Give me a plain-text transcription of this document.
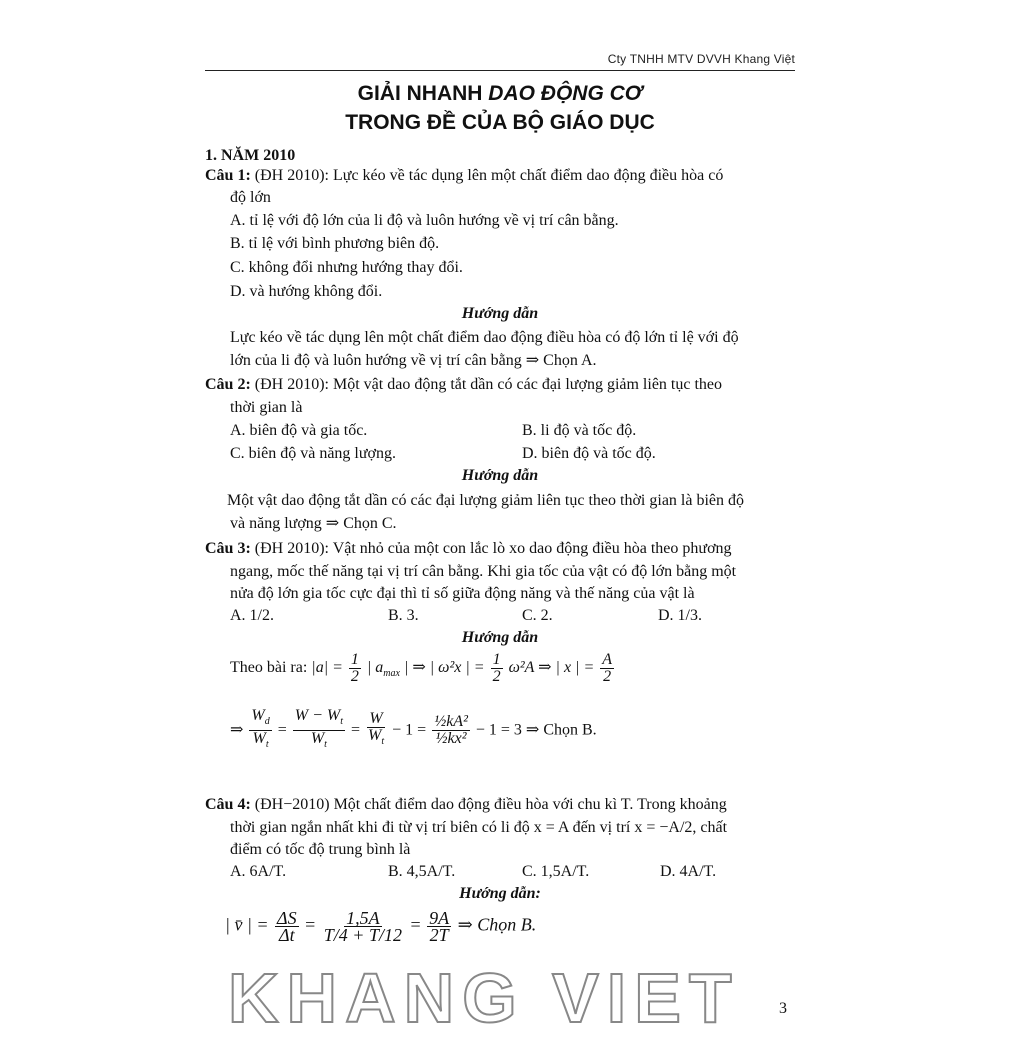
Cty TNHH MTV DVVH Khang Việt
GIẢI NHANH DAO ĐỘNG CƠ
TRONG ĐỀ CỦA BỘ GIÁO DỤC
1. NĂM 2010
Câu 1: (ĐH 2010): Lực kéo về tác dụng lên một chất điểm dao động điều hòa có
độ lớn
A. tỉ lệ với độ lớn của li độ và luôn hướng về vị trí cân bằng.
B. tỉ lệ với bình phương biên độ.
C. không đổi nhưng hướng thay đổi.
D. và hướng không đổi.
Hướng dẫn
Lực kéo về tác dụng lên một chất điểm dao động điều hòa có độ lớn tỉ lệ với độ
lớn của li độ và luôn hướng về vị trí cân bằng ⇒ Chọn A.
Câu 2: (ĐH 2010): Một vật dao động tắt dần có các đại lượng giảm liên tục theo
thời gian là
A. biên độ và gia tốc.	B. li độ và tốc độ.
C. biên độ và năng lượng.	D. biên độ và tốc độ.
Hướng dẫn
Một vật dao động tắt dần có các đại lượng giảm liên tục theo thời gian là biên độ
và năng lượng ⇒ Chọn C.
Câu 3: (ĐH 2010): Vật nhỏ của một con lắc lò xo dao động điều hòa theo phương
ngang, mốc thế năng tại vị trí cân bằng. Khi gia tốc của vật có độ lớn bằng một
nửa độ lớn gia tốc cực đại thì tỉ số giữa động năng và thế năng của vật là
A. 1/2.	B. 3.	C. 2.	D. 1/3.
Hướng dẫn
Theo bài ra: $|a| = \frac{1}{2}$ | $a_{max}$ | ⇒ | ω²x | = $\frac{1}{2} \omega^2A$ ⇒ | x | = $\frac{A}{2}$
⇒ $\frac{W_d}{W_t} = \frac{W - W_t}{W_t} = \frac{W}{W_t} - 1 = \frac{\text{½kA²}}{\text{½kx²}} - 1 = 3$ ⇒ Chọn B.
Câu 4: (ĐH−2010) Một chất điểm dao động điều hòa với chu kì T. Trong khoảng
thời gian ngắn nhất khi đi từ vị trí biên có li độ x = A đến vị trí x = −A/2, chất
điểm có tốc độ trung bình là
A. 6A/T.	B. 4,5A/T.	C. 1,5A/T.	D. 4A/T.
Hướng dẫn:
| v̄ | = $\frac{\Delta S}{\Delta t} = \frac{1,5A}{T/4 + T/12} = \frac{9A}{2T}$ ⇒ Chọn B.
KHANG VIET 3
